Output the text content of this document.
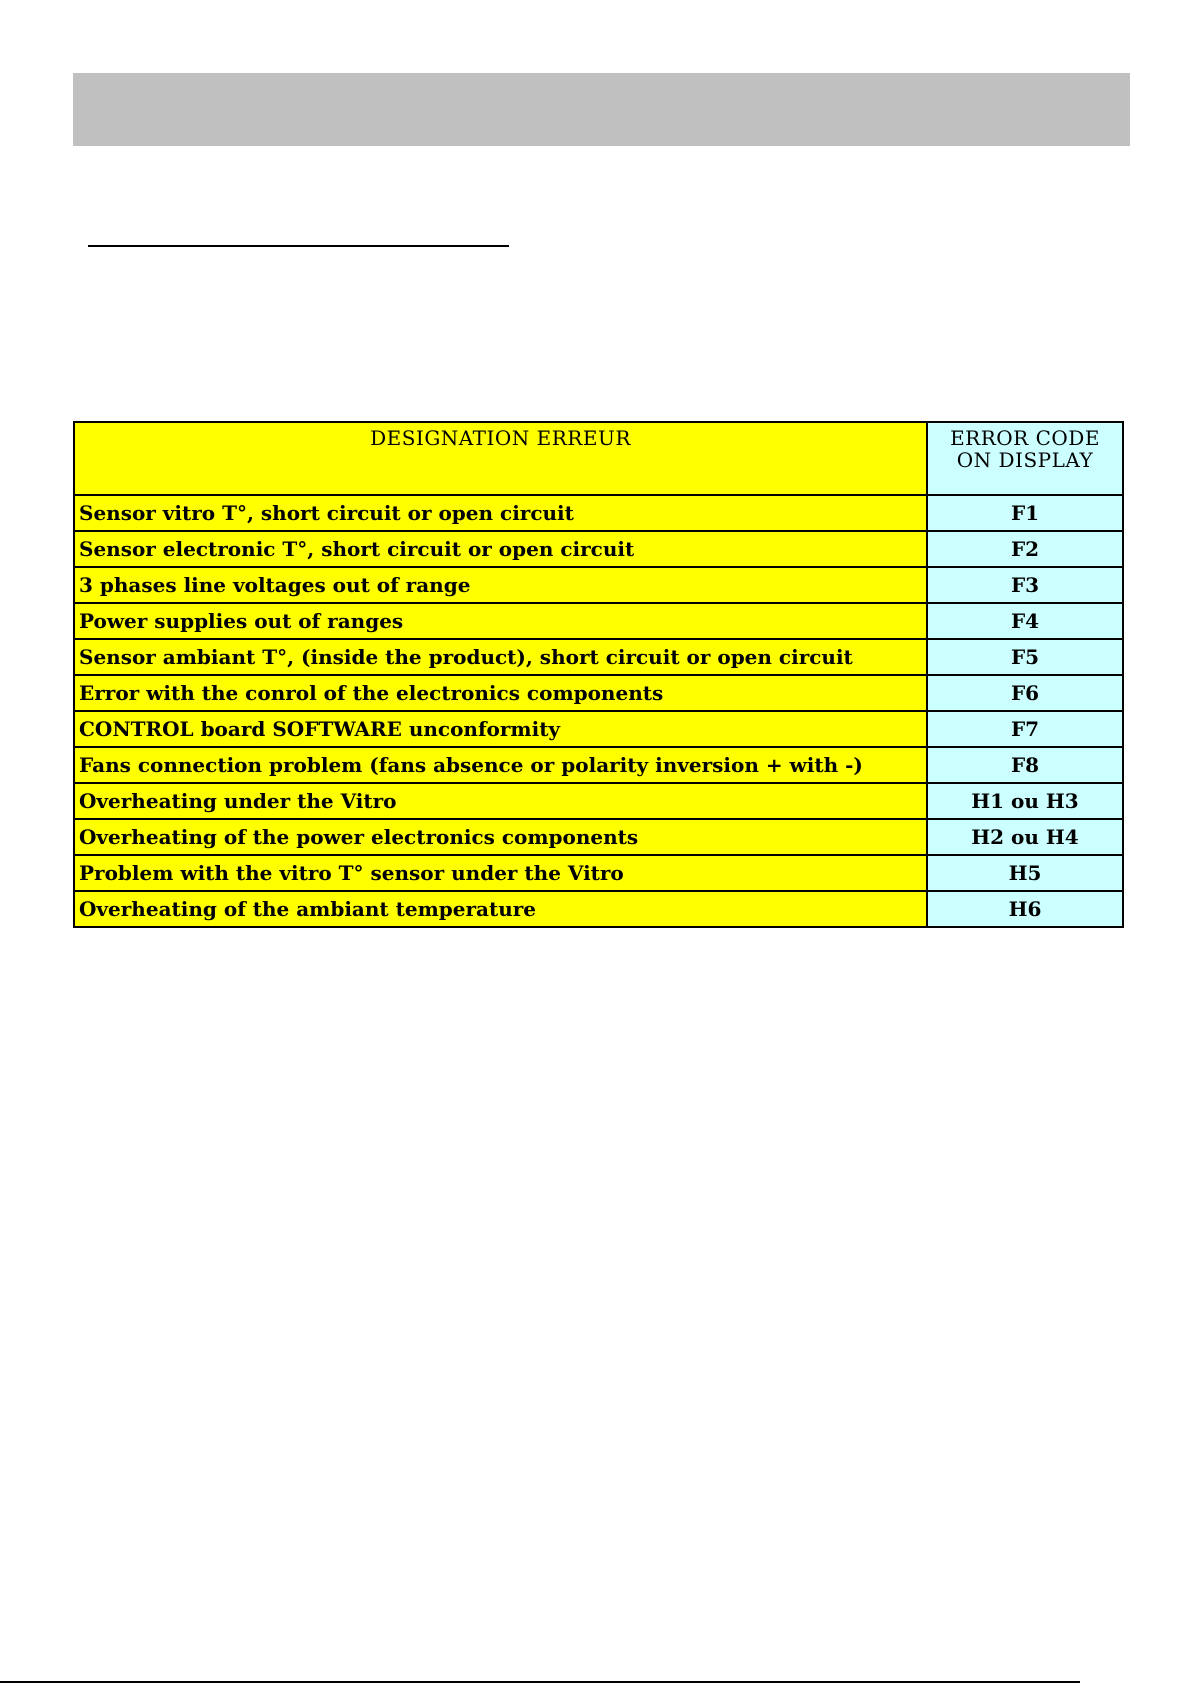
DESIGNATION ERREUR	ERROR CODE ON DISPLAY
Sensor vitro T°, short circuit or open circuit	F1
Sensor electronic T°, short circuit or open circuit	F2
3 phases line voltages out of range	F3
Power supplies out of ranges	F4
Sensor ambiant T°, (inside the product), short circuit or open circuit	F5
Error with the conrol of the electronics components	F6
CONTROL board SOFTWARE unconformity	F7
Fans connection problem (fans absence or polarity inversion + with -)	F8
Overheating under the Vitro	H1 ou H3
Overheating of the power electronics components	H2 ou H4
Problem with the vitro T° sensor under the Vitro	H5
Overheating of the ambiant temperature	H6
